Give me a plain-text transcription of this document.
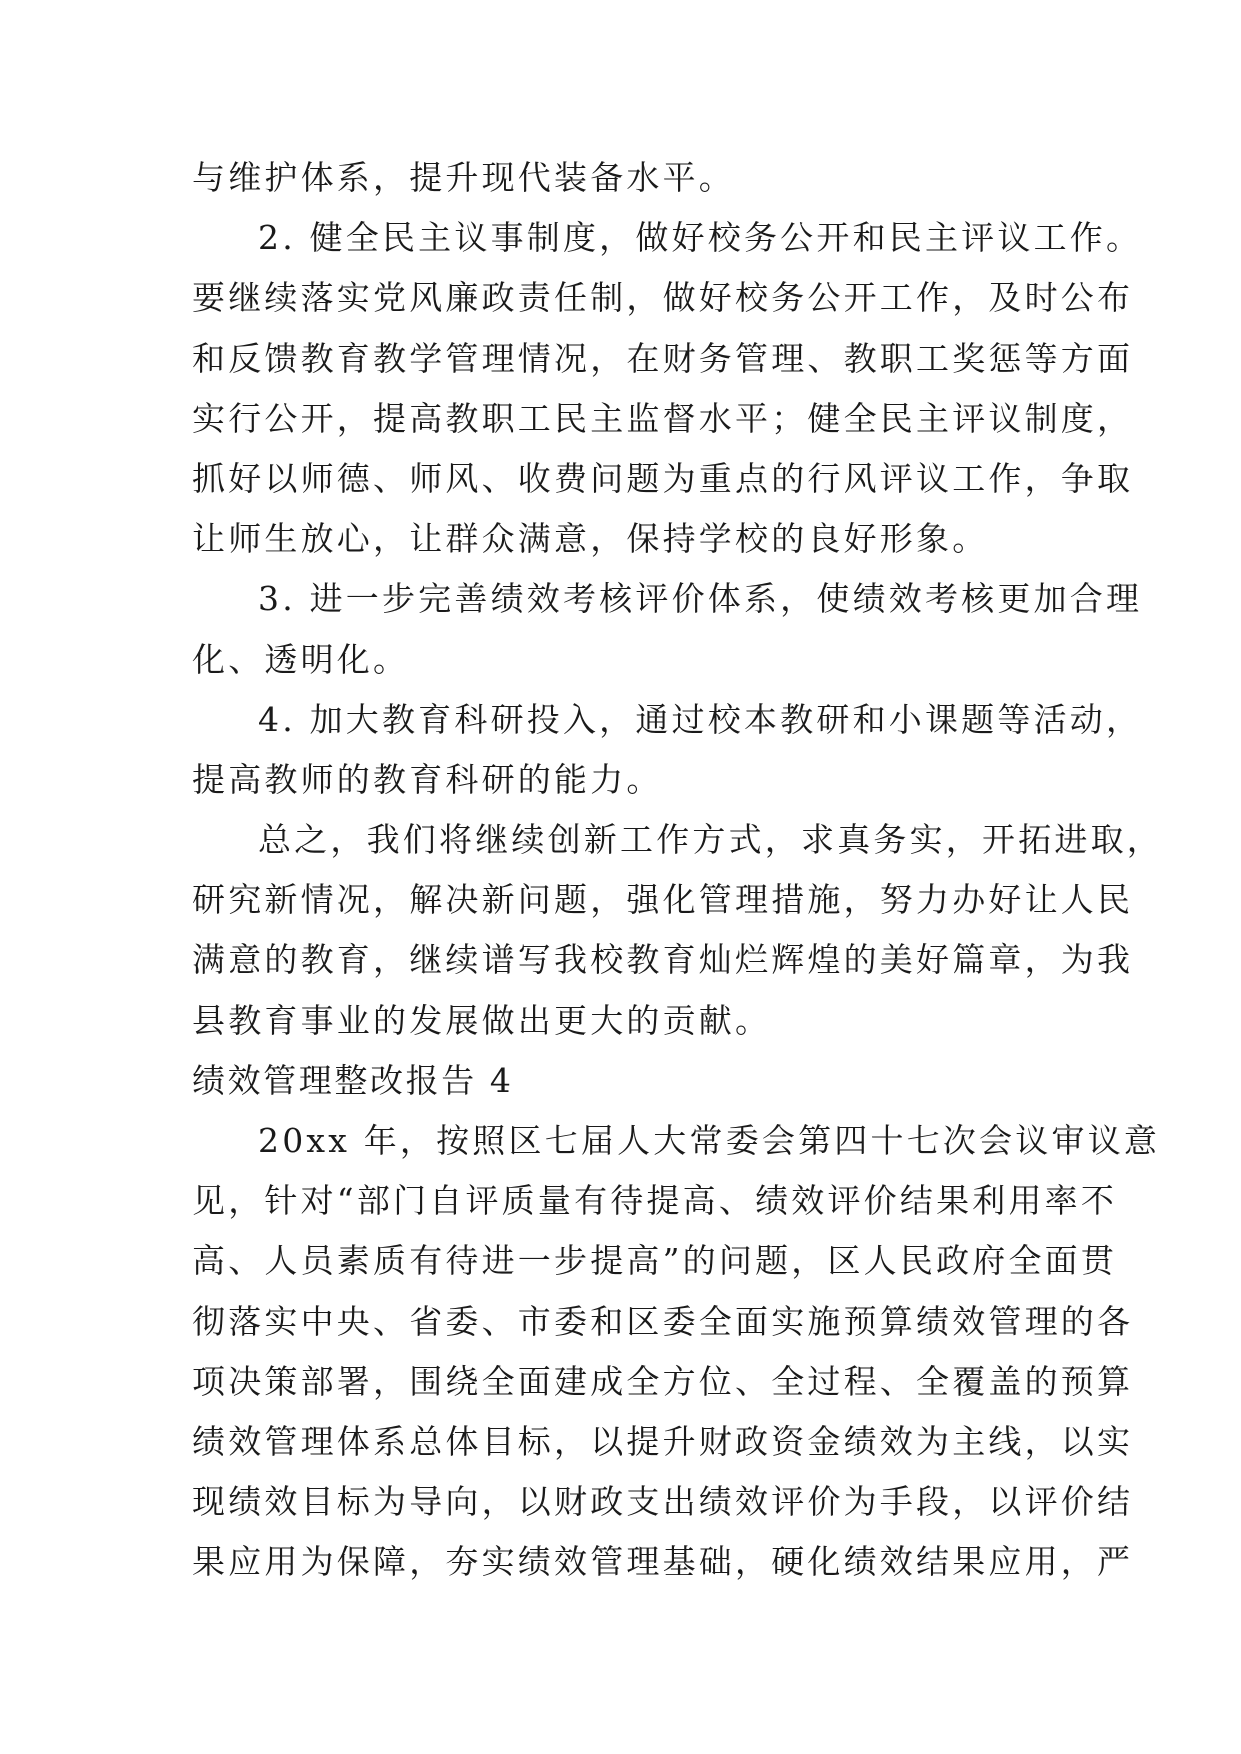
与维护体系，提升现代装备水平。
2. 健全民主议事制度，做好校务公开和民主评议工作。
要继续落实党风廉政责任制，做好校务公开工作，及时公布
和反馈教育教学管理情况，在财务管理、教职工奖惩等方面
实行公开，提高教职工民主监督水平；健全民主评议制度，
抓好以师德、师风、收费问题为重点的行风评议工作，争取
让师生放心，让群众满意，保持学校的良好形象。
3. 进一步完善绩效考核评价体系，使绩效考核更加合理
化、透明化。
4. 加大教育科研投入，通过校本教研和小课题等活动，
提高教师的教育科研的能力。
总之，我们将继续创新工作方式，求真务实，开拓进取，
研究新情况，解决新问题，强化管理措施，努力办好让人民
满意的教育，继续谱写我校教育灿烂辉煌的美好篇章，为我
县教育事业的发展做出更大的贡献。
绩效管理整改报告 4
20xx 年，按照区七届人大常委会第四十七次会议审议意
见，针对“部门自评质量有待提高、绩效评价结果利用率不
高、人员素质有待进一步提高”的问题，区人民政府全面贯
彻落实中央、省委、市委和区委全面实施预算绩效管理的各
项决策部署，围绕全面建成全方位、全过程、全覆盖的预算
绩效管理体系总体目标，以提升财政资金绩效为主线，以实
现绩效目标为导向，以财政支出绩效评价为手段，以评价结
果应用为保障，夯实绩效管理基础，硬化绩效结果应用，严
